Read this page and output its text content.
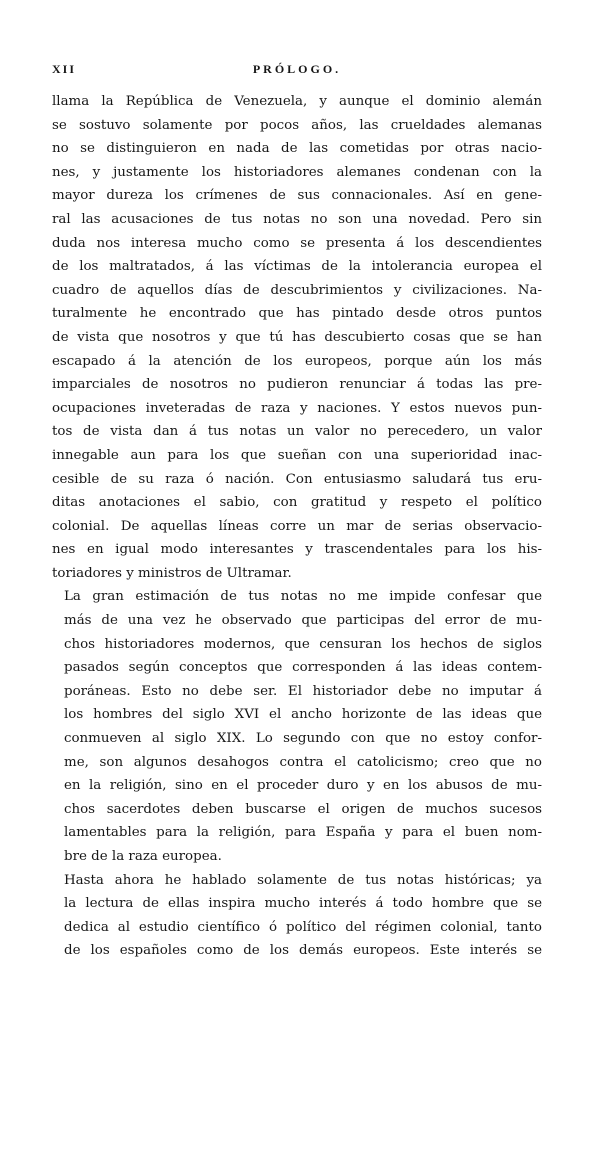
XII	PRÓLOGO.
llama la República de Venezuela, y aunque el dominio alemán
se sostuvo solamente por pocos años, las crueldades alemanas
no se distinguieron en nada de las cometidas por otras nacio-
nes, y justamente los historiadores alemanes condenan con la
mayor dureza los crímenes de sus connacionales. Así en gene-
ral las acusaciones de tus notas no son una novedad. Pero sin
duda nos interesa mucho como se presenta á los descendientes
de los maltratados, á las víctimas de la intolerancia europea el
cuadro de aquellos días de descubrimientos y civilizaciones. Na-
turalmente he encontrado que has pintado desde otros puntos
de vista que nosotros y que tú has descubierto cosas que se han
escapado á la atención de los europeos, porque aún los más
imparciales de nosotros no pudieron renunciar á todas las pre-
ocupaciones inveteradas de raza y naciones. Y estos nuevos pun-
tos de vista dan á tus notas un valor no perecedero, un valor
innegable aun para los que sueñan con una superioridad inac-
cesible de su raza ó nación. Con entusiasmo saludará tus eru-
ditas anotaciones el sabio, con gratitud y respeto el político
colonial. De aquellas líneas corre un mar de serias observacio-
nes en igual modo interesantes y trascendentales para los his-
toriadores y ministros de Ultramar.
La gran estimación de tus notas no me impide confesar que
más de una vez he observado que participas del error de mu-
chos historiadores modernos, que censuran los hechos de siglos
pasados según conceptos que corresponden á las ideas contem-
poráneas. Esto no debe ser. El historiador debe no imputar á
los hombres del siglo XVI el ancho horizonte de las ideas que
conmueven al siglo XIX. Lo segundo con que no estoy confor-
me, son algunos desahogos contra el catolicismo; creo que no
en la religión, sino en el proceder duro y en los abusos de mu-
chos sacerdotes deben buscarse el origen de muchos sucesos
lamentables para la religión, para España y para el buen nom-
bre de la raza europea.
Hasta ahora he hablado solamente de tus notas históricas; ya
la lectura de ellas inspira mucho interés á todo hombre que se
dedica al estudio científico ó político del régimen colonial, tanto
de los españoles como de los demás europeos. Este interés se
